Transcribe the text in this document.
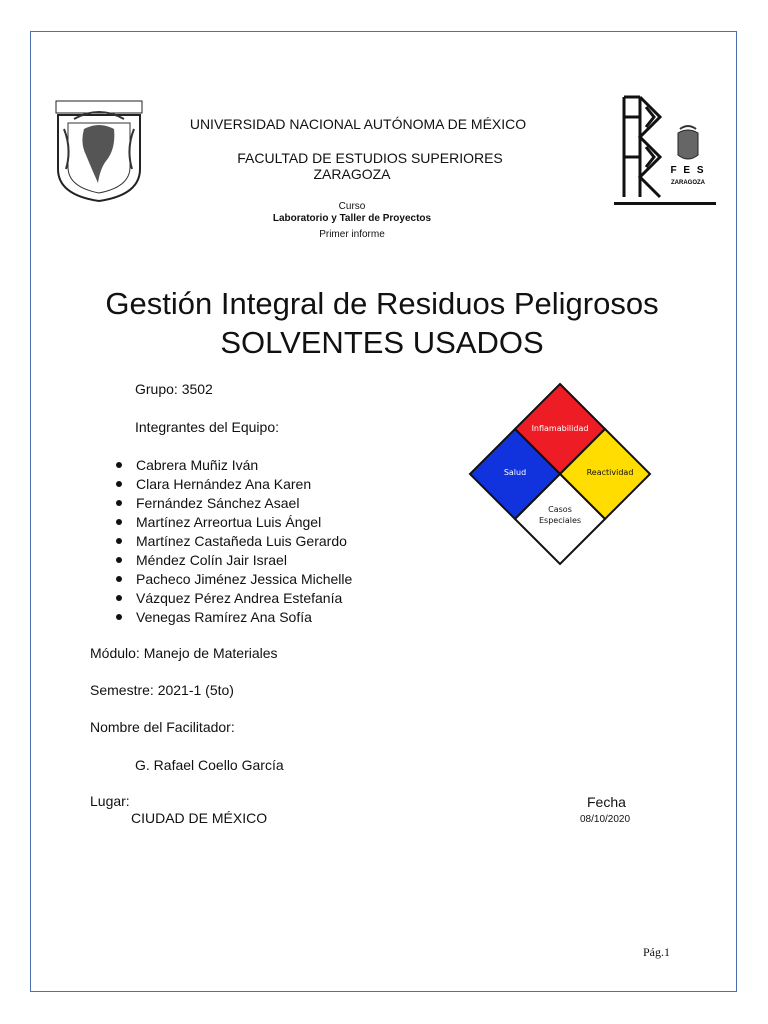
F E S
ZARAGOZA
UNIVERSIDAD NACIONAL AUTÓNOMA DE MÉXICO
FACULTAD DE ESTUDIOS SUPERIORES
ZARAGOZA
Curso
Laboratorio y Taller de Proyectos
Primer informe
Gestión Integral de Residuos Peligrosos
SOLVENTES USADOS
Grupo: 3502
Integrantes del Equipo:
Cabrera Muñiz Iván
Clara Hernández Ana Karen
Fernández Sánchez Asael
Martínez Arreortua Luis Ángel
Martínez Castañeda Luis Gerardo
Méndez Colín Jair Israel
Pacheco Jiménez Jessica Michelle
Vázquez Pérez Andrea Estefanía
Venegas Ramírez Ana Sofía
Inflamabilidad
Salud	Reactividad
Casos
Especiales
Módulo: Manejo de Materiales
Semestre: 2021-1 (5to)
Nombre del Facilitador:
G. Rafael Coello García
Lugar:
CIUDAD DE MÉXICO
Fecha
08/10/2020
Pág.1
